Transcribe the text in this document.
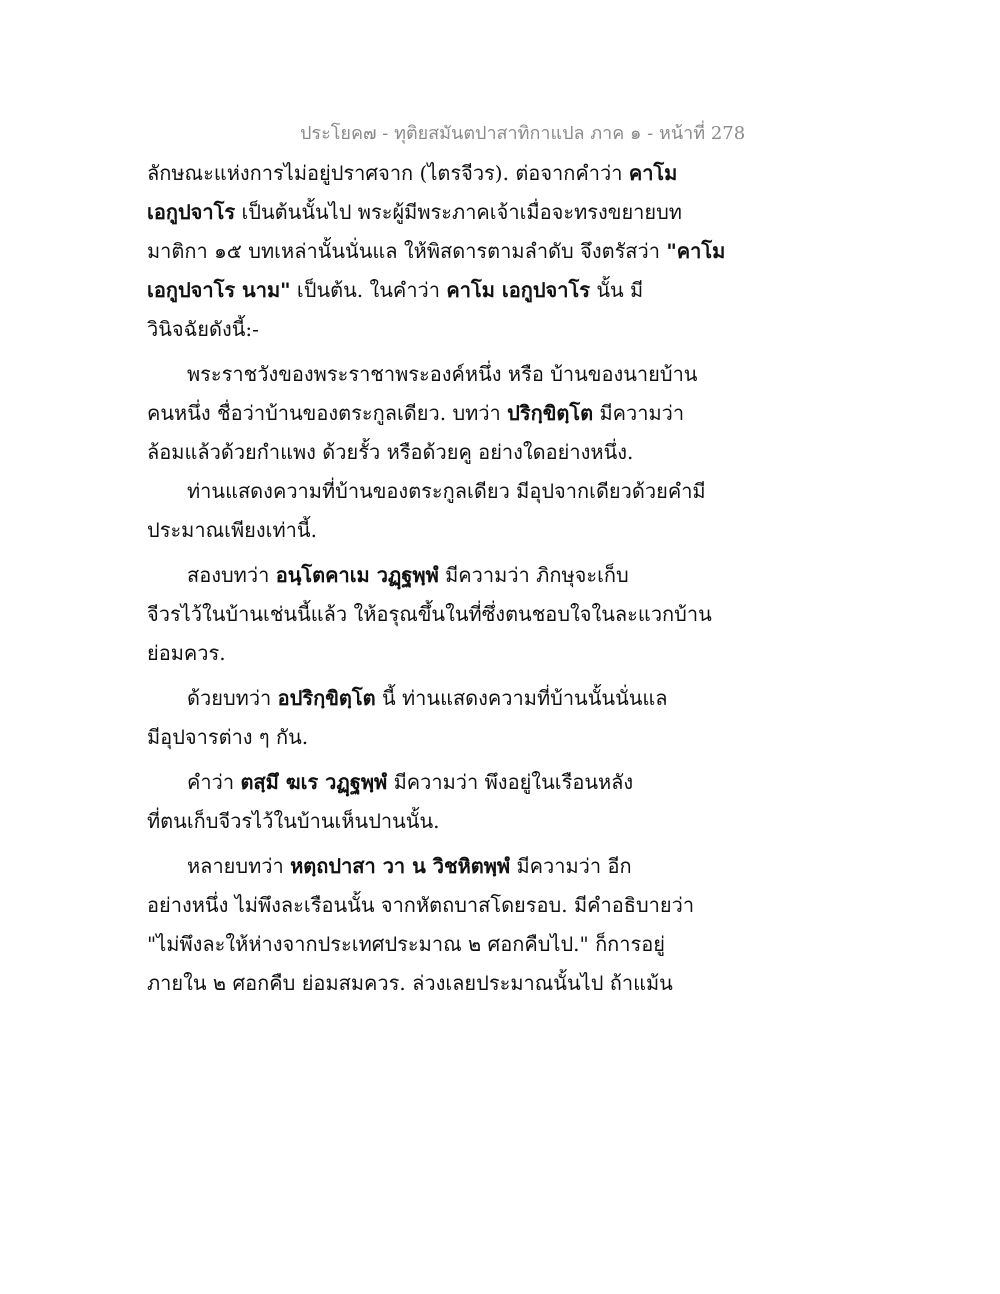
ประโยค๗ - ทุติยสมันตปาสาทิกาแปล ภาค ๑ - หน้าที่ 278
ลักษณะแห่งการไม่อยู่ปราศจาก (ไตรจีวร). ต่อจากคำว่า คาโม
เอกูปจาโร เป็นต้นนั้นไป พระผู้มีพระภาคเจ้าเมื่อจะทรงขยายบท
มาติกา ๑๕ บทเหล่านั้นนั่นแล ให้พิสดารตามลำดับ จึงตรัสว่า "คาโม
เอกูปจาโร นาม" เป็นต้น. ในคำว่า คาโม เอกูปจาโร นั้น มี
วินิจฉัยดังนี้:-
พระราชวังของพระราชาพระองค์หนึ่ง หรือ บ้านของนายบ้าน
คนหนึ่ง ชื่อว่าบ้านของตระกูลเดียว. บทว่า ปริกฺขิตฺโต มีความว่า
ล้อมแล้วด้วยกำแพง ด้วยรั้ว หรือด้วยคู อย่างใดอย่างหนึ่ง.
ท่านแสดงความที่บ้านของตระกูลเดียว มีอุปจากเดียวด้วยคำมี
ประมาณเพียงเท่านี้.
สองบทว่า อนฺโตคาเม วฏฺฐพฺพํ มีความว่า ภิกษุจะเก็บ
จีวรไว้ในบ้านเช่นนี้แล้ว ให้อรุณขึ้นในที่ซึ่งตนชอบใจในละแวกบ้าน
ย่อมควร.
ด้วยบทว่า อปริกฺขิตฺโต นี้ ท่านแสดงความที่บ้านนั้นนั่นแล
มีอุปจารต่าง ๆ กัน.
คำว่า ตสฺมึ ฆเร วฏฺฐพฺพํ มีความว่า พึงอยู่ในเรือนหลัง
ที่ตนเก็บจีวรไว้ในบ้านเห็นปานนั้น.
หลายบทว่า หตฺถปาสา วา น วิชหิตพฺพํ มีความว่า อีก
อย่างหนึ่ง ไม่พึงละเรือนนั้น จากหัตถบาสโดยรอบ. มีคำอธิบายว่า
"ไม่พึงละให้ห่างจากประเทศประมาณ ๒ ศอกคืบไป." ก็การอยู่
ภายใน ๒ ศอกคืบ ย่อมสมควร. ล่วงเลยประมาณนั้นไป ถ้าแม้น
